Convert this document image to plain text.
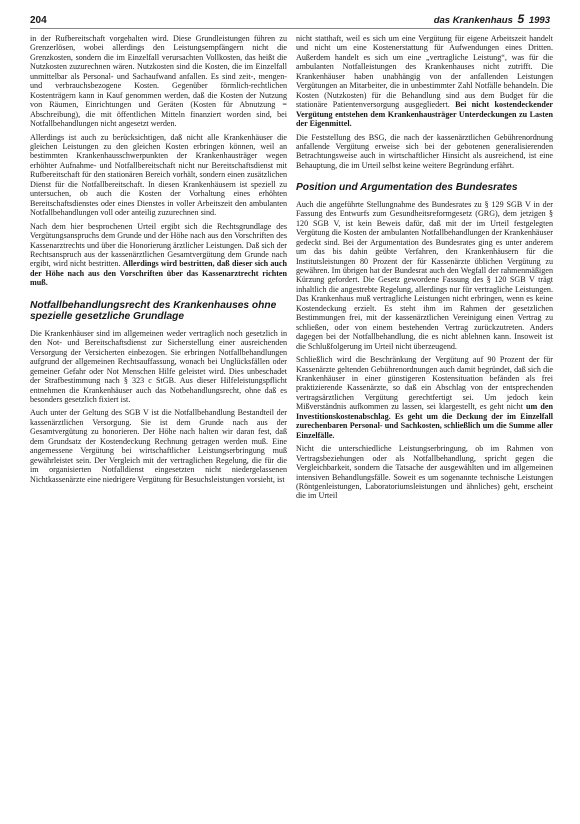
204	das Krankenhaus 5 1993

in der Rufbereitschaft vorgehalten wird. Diese Grundleistungen führen zu Grenzerlösen, wobei allerdings den Leistungsempfängern nicht die Grenzkosten, sondern die im Einzelfall verursachten Vollkosten, das heißt die Nutzkosten zuzurechnen wären. Nutzkosten sind die Kosten, die im Einzelfall unmittelbar als Personal- und Sachaufwand anfallen. Es sind zeit-, mengen- und verbrauchsbezogene Kosten. Gegenüber förmlich-rechtlichen Kostenträgern kann in Kauf genommen werden, daß die Kosten der Nutzung von Räumen, Einrichtungen und Geräten (Kosten für Abnutzung = Abschreibung), die mit öffentlichen Mitteln finanziert worden sind, bei Notfallbehandlungen nicht angesetzt werden.

Allerdings ist auch zu berücksichtigen, daß nicht alle Krankenhäuser die gleichen Leistungen zu den gleichen Kosten erbringen können, weil an bestimmten Krankenhausschwerpunkten der Krankenhausträger wegen erhöhter Aufnahme- und Notfallbereitschaft nicht nur Bereitschaftsdienst mit Rufbereitschaft für den stationären Bereich vorhält, sondern einen zusätzlichen Dienst für die Notfallbereitschaft. In diesen Krankenhäusern ist speziell zu untersuchen, ob auch die Kosten der Vorhaltung eines erhöhten Bereitschaftsdienstes oder eines Dienstes in voller Arbeitszeit den ambulanten Notfallbehandlungen voll oder anteilig zuzurechnen sind.

Nach dem hier besprochenen Urteil ergibt sich die Rechtsgrundlage des Vergütungsanspruchs dem Grunde und der Höhe nach aus den Vorschriften des Kassenarztrechts und über die Honorierung ärztlicher Leistungen. Daß sich der Rechtsanspruch aus der kassenärztlichen Gesamtvergütung dem Grunde nach ergibt, wird nicht bestritten. Allerdings wird bestritten, daß dieser sich auch der Höhe nach aus den Vorschriften über das Kassenarztrecht richten muß.

Notfallbehandlungsrecht des Krankenhauses ohne spezielle gesetzliche Grundlage

Die Krankenhäuser sind im allgemeinen weder vertraglich noch gesetzlich in den Not- und Bereitschaftsdienst zur Sicherstellung einer ausreichenden Versorgung der Versicherten einbezogen. Sie erbringen Notfallbehandlungen aufgrund der allgemeinen Rechtsauffassung, wonach bei Unglücksfällen oder gemeiner Gefahr oder Not Menschen Hilfe geleistet wird. Dies unbeschadet der Strafbestimmung nach § 323 c StGB. Aus dieser Hilfeleistungspflicht entnehmen die Krankenhäuser auch das Notbehandlungsrecht, ohne daß es besonders gesetzlich fixiert ist.

Auch unter der Geltung des SGB V ist die Notfallbehandlung Bestandteil der kassenärztlichen Versorgung. Sie ist dem Grunde nach aus der Gesamtvergütung zu honorieren. Der Höhe nach halten wir daran fest, daß dem Grundsatz der Kostendeckung Rechnung getragen werden muß. Eine angemessene Vergütung bei wirtschaftlicher Leistungserbringung muß gewährleistet sein. Der Vergleich mit der vertraglichen Regelung, die für die im organisierten Notfalldienst eingesetzten nicht niedergelassenen Nichtkassenärzte eine niedrigere Vergütung für Besuchsleistungen vorsieht, ist

nicht statthaft, weil es sich um eine Vergütung für eigene Arbeitszeit handelt und nicht um eine Kostenerstattung für Aufwendungen eines Dritten. Außerdem handelt es sich um eine „vertragliche Leistung“, was für die ambulanten Notfalleistungen des Krankenhauses nicht zutrifft. Die Krankenhäuser haben unabhängig von der anfallenden Leistungen Vergütungen an Mitarbeiter, die in unbestimmter Zahl Notfälle behandeln. Die Kosten (Nutzkosten) für die Behandlung sind aus dem Budget für die stationäre Patientenversorgung ausgegliedert. Bei nicht kostendeckender Vergütung entstehen dem Krankenhausträger Unterdeckungen zu Lasten der Eigenmittel.

Die Feststellung des BSG, die nach der kassenärztlichen Gebührenordnung anfallende Vergütung erweise sich bei der gebotenen generalisierenden Betrachtungsweise auch in wirtschaftlicher Hinsicht als ausreichend, ist eine Behauptung, die im Urteil selbst keine weitere Begründung erfährt.

Position und Argumentation des Bundesrates

Auch die angeführte Stellungnahme des Bundesrates zu § 129 SGB V in der Fassung des Entwurfs zum Gesundheitsreformgesetz (GRG), dem jetzigen § 120 SGB V, ist kein Beweis dafür, daß mit der im Urteil festgelegten Vergütung die Kosten der ambulanten Notfallbehandlungen der Krankenhäuser gedeckt sind. Bei der Argumentation des Bundesrates ging es unter anderem um das bis dahin geübte Verfahren, den Krankenhäusern für die Institutsleistungen 80 Prozent der für Kassenärzte üblichen Vergütung zu gewähren. Im übrigen hat der Bundesrat auch den Wegfall der rahmenmäßigen Kürzung gefordert. Die Gesetz gewordene Fassung des § 120 SGB V trägt inhaltlich die angestrebte Regelung, allerdings nur für vertragliche Leistungen. Das Krankenhaus muß vertragliche Leistungen nicht erbringen, wenn es keine Kostendeckung erzielt. Es steht ihm im Rahmen der gesetzlichen Bestimmungen frei, mit der kassenärztlichen Vereinigung einen Vertrag zu schließen, oder von einem bestehenden Vertrag zurückzutreten. Anders dagegen bei der Notfallbehandlung, die es nicht ablehnen kann. Insoweit ist die Schlußfolgerung im Urteil nicht überzeugend.

Schließlich wird die Beschränkung der Vergütung auf 90 Prozent der für Kassenärzte geltenden Gebührenordnungen auch damit begründet, daß sich die Krankenhäuser in einer günstigeren Kostensituation befänden als frei praktizierende Kassenärzte, so daß ein Abschlag von der entsprechenden vertragsärztlichen Vergütung gerechtfertigt sei. Um jedoch kein Mißverständnis aufkommen zu lassen, sei klargestellt, es geht nicht um den Investitionskostenabschlag. Es geht um die Deckung der im Einzelfall zurechenbaren Personal- und Sachkosten, schließlich um die Summe aller Einzelfälle.

Nicht die unterschiedliche Leistungserbringung, ob im Rahmen von Vertragsbeziehungen oder als Notfallbehandlung, spricht gegen die Vergleichbarkeit, sondern die Tatsache der ausgewählten und im allgemeinen intensiven Behandlungsfälle. Soweit es um sogenannte technische Leistungen (Röntgenleistungen, Laboratoriumsleistungen und ähnliches) geht, erscheint die im Urteil
